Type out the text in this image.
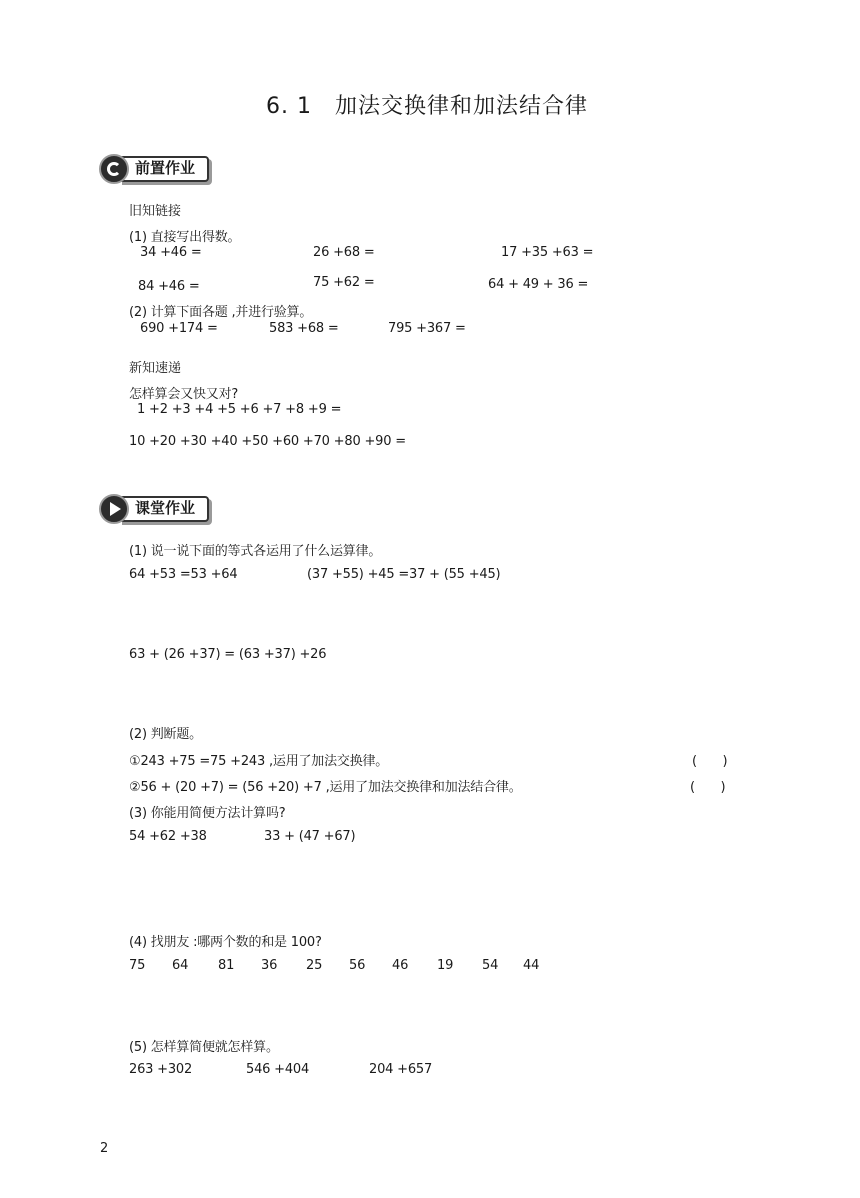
6. 1　加法交换律和加法结合律
前置作业
旧知链接
(1) 直接写出得数。
34 +46 =	26 +68 =	17 +35 +63 =
84 +46 =	75 +62 =	64 + 49 + 36 =
(2) 计算下面各题 ,并进行验算。
690 +174 =	583 +68 =	795 +367 =
新知速递
怎样算会又快又对?
1 +2 +3 +4 +5 +6 +7 +8 +9 =
10 +20 +30 +40 +50 +60 +70 +80 +90 =
课堂作业
(1) 说一说下面的等式各运用了什么运算律。
64 +53 =53 +64	(37 +55) +45 =37 + (55 +45)
63 + (26 +37) = (63 +37) +26
(2) 判断题。
①243 +75 =75 +243 ,运用了加法交换律。	(　　)
②56 + (20 +7) = (56 +20) +7 ,运用了加法交换律和加法结合律。	(　　)
(3) 你能用简便方法计算吗?
54 +62 +38	33 + (47 +67)
(4) 找朋友 :哪两个数的和是 100?
75 64 81 36 25 56 46 19 54 44
(5) 怎样算简便就怎样算。
263 +302	546 +404	204 +657
2
